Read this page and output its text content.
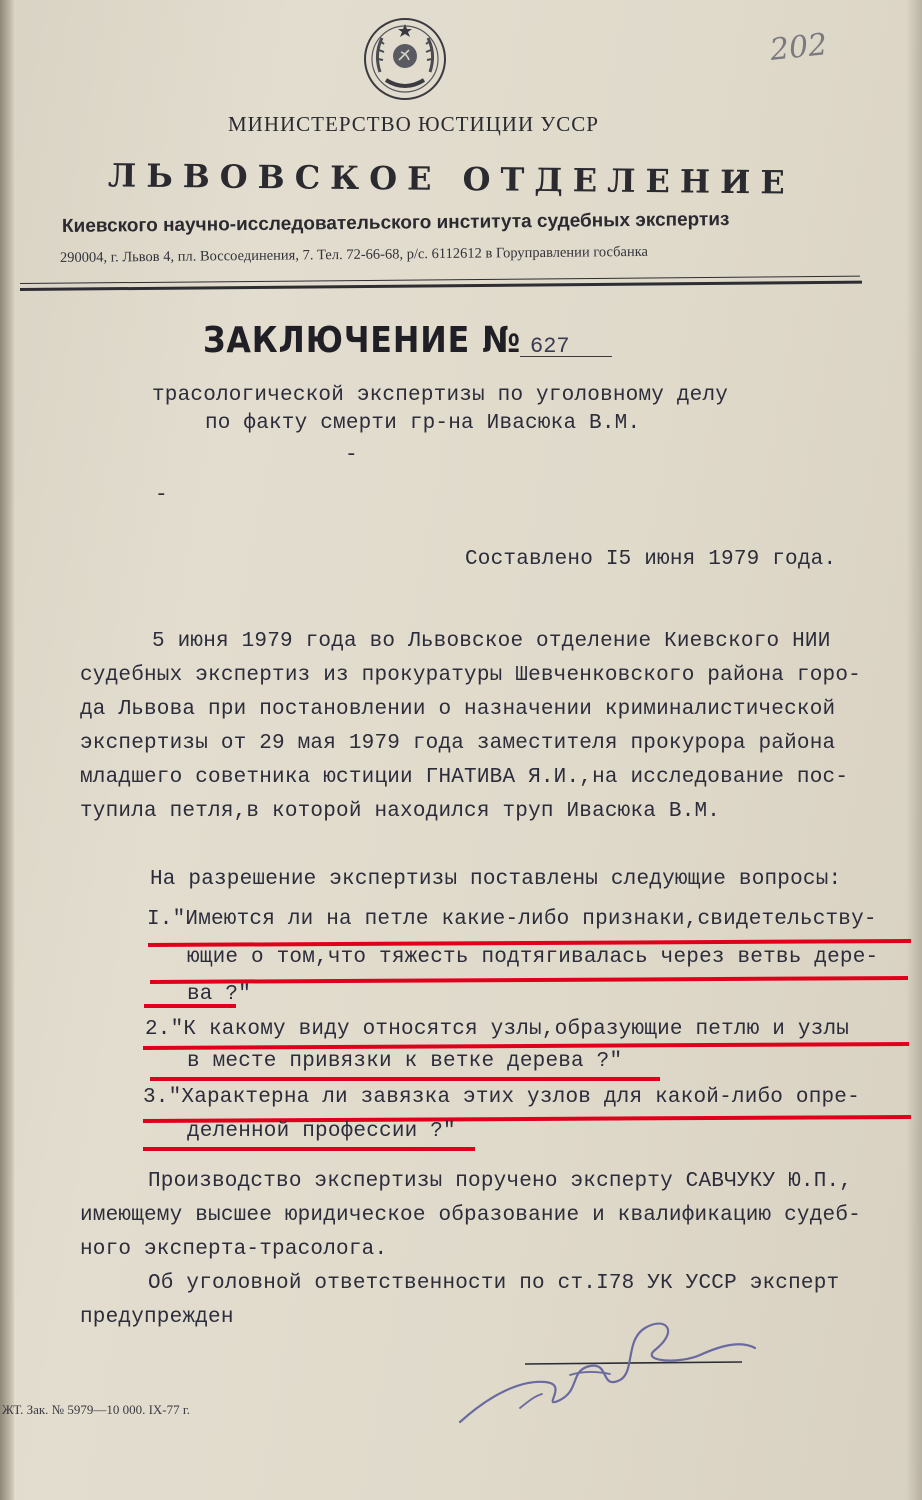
202
МИНИСТЕРСТВО ЮСТИЦИИ УССР
ЛЬВОВСКОЕ ОТДЕЛЕНИЕ
Киевского научно-исследовательского института судебных экспертиз
290004, г. Львов 4, пл. Воссоединения, 7. Тел. 72-66-68, р/с. 6112612 в Горуправлении госбанка
ЗАКЛЮЧЕНИЕ № 627
трасологической экспертизы по уголовному делу
по факту смерти гр-на Ивасюка В.М.
-
-
Составлено I5 июня 1979 года.
5 июня 1979 года во Львовское отделение Киевского НИИ
судебных экспертиз из прокуратуры Шевченковского района горо-
да Львова при постановлении о назначении криминалистической
экспертизы от 29 мая 1979 года заместителя прокурора района
младшего советника юстиции ГНАТИВА Я.И.,на исследование пос-
тупила петля,в которой находился труп Ивасюка В.М.
На разрешение экспертизы поставлены следующие вопросы:
I."Имеются ли на петле какие-либо признаки,свидетельству-
ющие о том,что тяжесть подтягивалась через ветвь дере-
ва ?"
2."К какому виду относятся узлы,образующие петлю и узлы
в месте привязки к ветке дерева ?"
3."Характерна ли завязка этих узлов для какой-либо опре-
деленной профессии ?"
Производство экспертизы поручено эксперту САВЧУКУ Ю.П.,
имеющему высшее юридическое образование и квалификацию судеб-
ного эксперта-трасолога.
Об уголовной ответственности по ст.I78 УК УССР эксперт
предупрежден
ЖТ. Зак. № 5979—10 000. IX-77 г.
